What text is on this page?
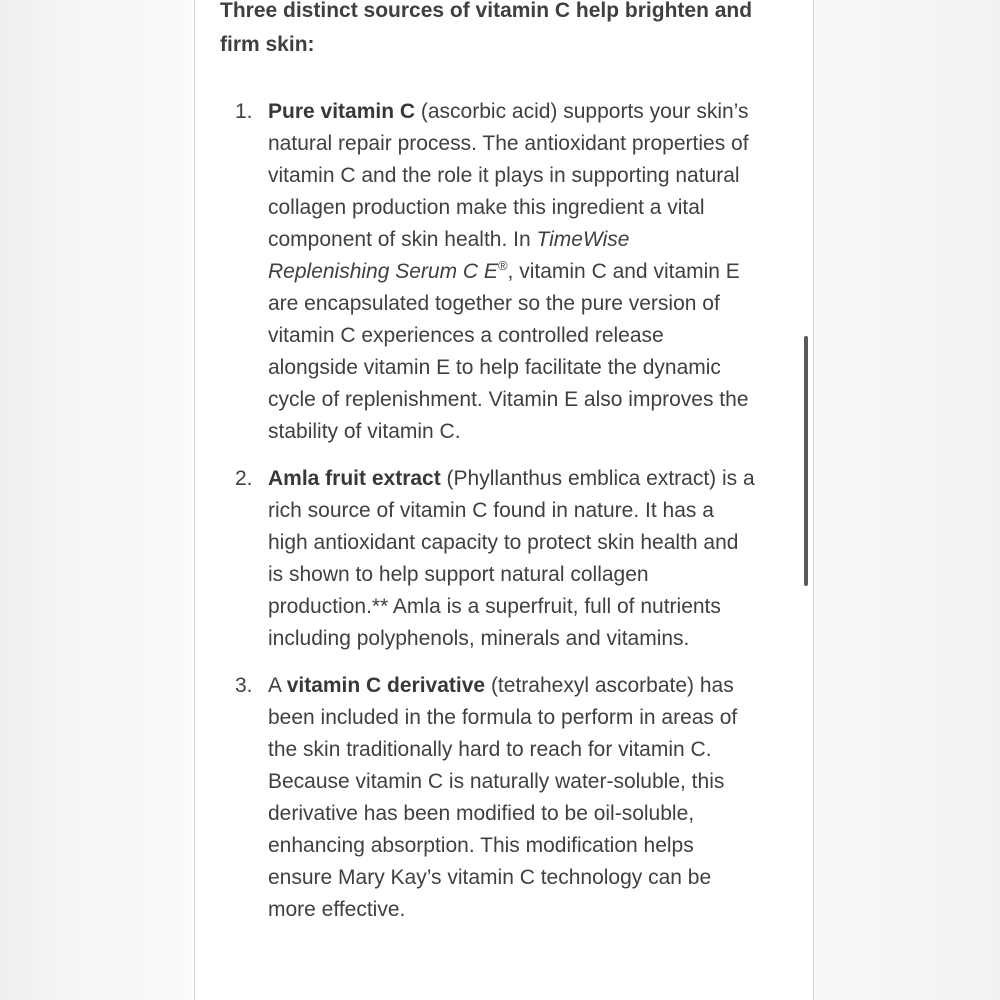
Three distinct sources of vitamin C help brighten and firm skin:

1. Pure vitamin C (ascorbic acid) supports your skin’s natural repair process. The antioxidant properties of vitamin C and the role it plays in supporting natural collagen production make this ingredient a vital component of skin health. In TimeWise Replenishing Serum C E®, vitamin C and vitamin E are encapsulated together so the pure version of vitamin C experiences a controlled release alongside vitamin E to help facilitate the dynamic cycle of replenishment. Vitamin E also improves the stability of vitamin C.
2. Amla fruit extract (Phyllanthus emblica extract) is a rich source of vitamin C found in nature. It has a high antioxidant capacity to protect skin health and is shown to help support natural collagen production.** Amla is a superfruit, full of nutrients including polyphenols, minerals and vitamins.
3. A vitamin C derivative (tetrahexyl ascorbate) has been included in the formula to perform in areas of the skin traditionally hard to reach for vitamin C. Because vitamin C is naturally water-soluble, this derivative has been modified to be oil-soluble, enhancing absorption. This modification helps ensure Mary Kay’s vitamin C technology can be more effective.
